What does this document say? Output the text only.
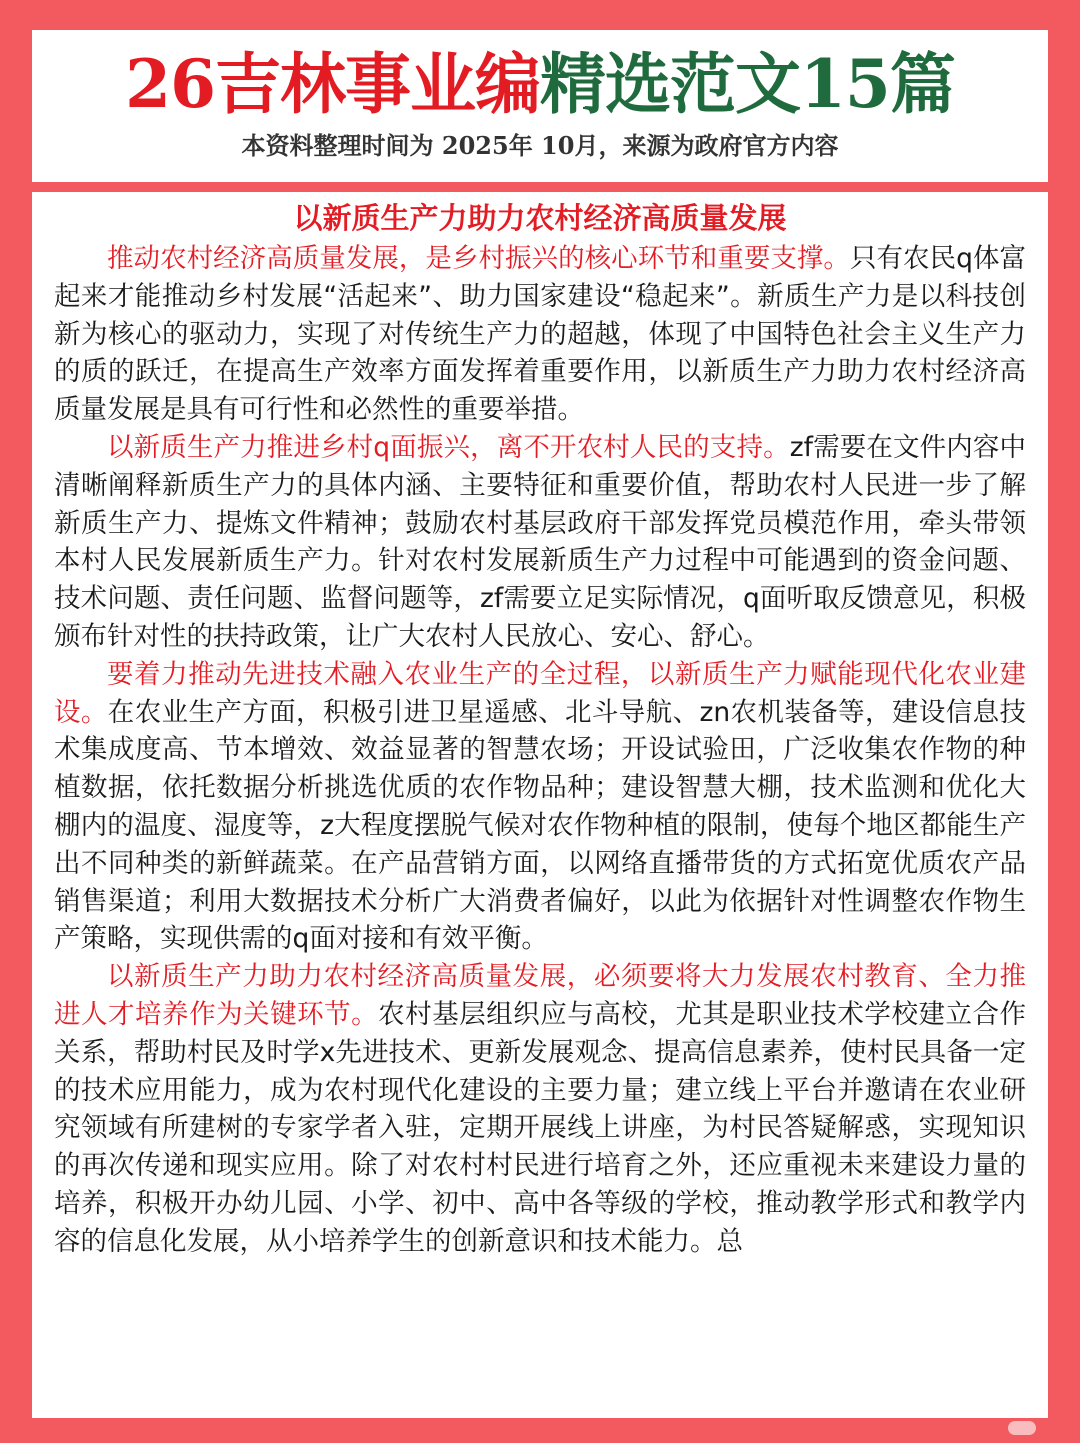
26吉林事业编精选范文15篇
本资料整理时间为 2025年 10月，来源为政府官方内容
以新质生产力助力农村经济高质量发展

推动农村经济高质量发展，是乡村振兴的核心环节和重要支撑。只有农民q体富起来才能推动乡村发展“活起来”、助力国家建设“稳起来”。新质生产力是以科技创新为核心的驱动力，实现了对传统生产力的超越，体现了中国特色社会主义生产力的质的跃迁，在提高生产效率方面发挥着重要作用，以新质生产力助力农村经济高质量发展是具有可行性和必然性的重要举措。

以新质生产力推进乡村q面振兴，离不开农村人民的支持。zf需要在文件内容中清晰阐释新质生产力的具体内涵、主要特征和重要价值，帮助农村人民进一步了解新质生产力、提炼文件精神；鼓励农村基层政府干部发挥党员模范作用，牵头带领本村人民发展新质生产力。针对农村发展新质生产力过程中可能遇到的资金问题、技术问题、责任问题、监督问题等，zf需要立足实际情况，q面听取反馈意见，积极颁布针对性的扶持政策，让广大农村人民放心、安心、舒心。

要着力推动先进技术融入农业生产的全过程，以新质生产力赋能现代化农业建设。在农业生产方面，积极引进卫星遥感、北斗导航、zn农机装备等，建设信息技术集成度高、节本增效、效益显著的智慧农场；开设试验田，广泛收集农作物的种植数据，依托数据分析挑选优质的农作物品种；建设智慧大棚，技术监测和优化大棚内的温度、湿度等，z大程度摆脱气候对农作物种植的限制，使每个地区都能生产出不同种类的新鲜蔬菜。在产品营销方面，以网络直播带货的方式拓宽优质农产品销售渠道；利用大数据技术分析广大消费者偏好，以此为依据针对性调整农作物生产策略，实现供需的q面对接和有效平衡。

以新质生产力助力农村经济高质量发展，必须要将大力发展农村教育、全力推进人才培养作为关键环节。农村基层组织应与高校，尤其是职业技术学校建立合作关系，帮助村民及时学x先进技术、更新发展观念、提高信息素养，使村民具备一定的技术应用能力，成为农村现代化建设的主要力量；建立线上平台并邀请在农业研究领域有所建树的专家学者入驻，定期开展线上讲座，为村民答疑解惑，实现知识的再次传递和现实应用。除了对农村村民进行培育之外，还应重视未来建设力量的培养，积极开办幼儿园、小学、初中、高中各等级的学校，推动教学形式和教学内容的信息化发展，从小培养学生的创新意识和技术能力。总
